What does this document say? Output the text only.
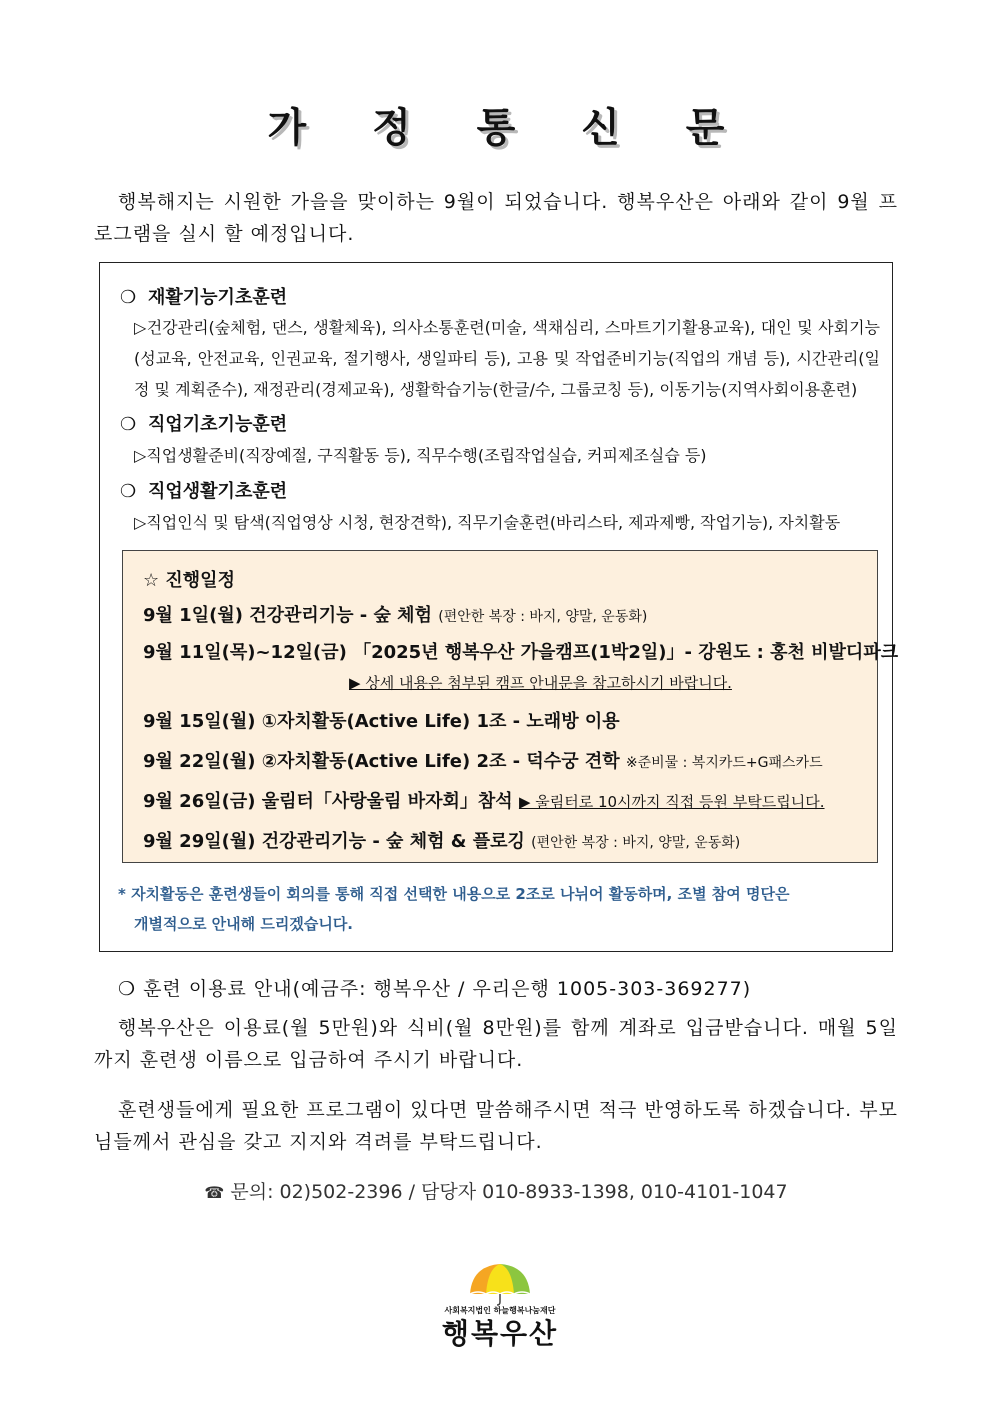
가 정 통 신 문
행복해지는 시원한 가을을 맞이하는 9월이 되었습니다. 행복우산은 아래와 같이 9월 프로그램을 실시 할 예정입니다.
❍ 재활기능기초훈련
▷건강관리(숲체험, 댄스, 생활체육), 의사소통훈련(미술, 색채심리, 스마트기기활용교육), 대인 및 사회기능(성교육, 안전교육, 인권교육, 절기행사, 생일파티 등), 고용 및 작업준비기능(직업의 개념 등), 시간관리(일정 및 계획준수), 재정관리(경제교육), 생활학습기능(한글/수, 그룹코칭 등), 이동기능(지역사회이용훈련)
❍ 직업기초기능훈련
▷직업생활준비(직장예절, 구직활동 등), 직무수행(조립작업실습, 커피제조실습 등)
❍ 직업생활기초훈련
▷직업인식 및 탐색(직업영상 시청, 현장견학), 직무기술훈련(바리스타, 제과제빵, 작업기능), 자치활동
☆ 진행일정
9월 1일(월) 건강관리기능 - 숲 체험 (편안한 복장 : 바지, 양말, 운동화)
9월 11일(목)~12일(금) 「2025년 행복우산 가을캠프(1박2일)」- 강원도 : 홍천 비발디파크
▶ 상세 내용은 첨부된 캠프 안내문을 참고하시기 바랍니다.
9월 15일(월) ①자치활동(Active Life) 1조 - 노래방 이용
9월 22일(월) ②자치활동(Active Life) 2조 - 덕수궁 견학 ※준비물 : 복지카드+G패스카드
9월 26일(금) 울림터「사랑울림 바자회」참석 ▶ 울림터로 10시까지 직접 등원 부탁드립니다.
9월 29일(월) 건강관리기능 - 숲 체험 & 플로깅 (편안한 복장 : 바지, 양말, 운동화)
* 자치활동은 훈련생들이 회의를 통해 직접 선택한 내용으로 2조로 나뉘어 활동하며, 조별 참여 명단은
개별적으로 안내해 드리겠습니다.
❍ 훈련 이용료 안내(예금주: 행복우산 / 우리은행 1005-303-369277)
행복우산은 이용료(월 5만원)와 식비(월 8만원)를 함께 계좌로 입금받습니다. 매월 5일까지 훈련생 이름으로 입금하여 주시기 바랍니다.
훈련생들에게 필요한 프로그램이 있다면 말씀해주시면 적극 반영하도록 하겠습니다. 부모님들께서 관심을 갖고 지지와 격려를 부탁드립니다.
☎ 문의: 02)502-2396 / 담당자 010-8933-1398, 010-4101-1047
사회복지법인 하늘행복나눔재단
행복우산
